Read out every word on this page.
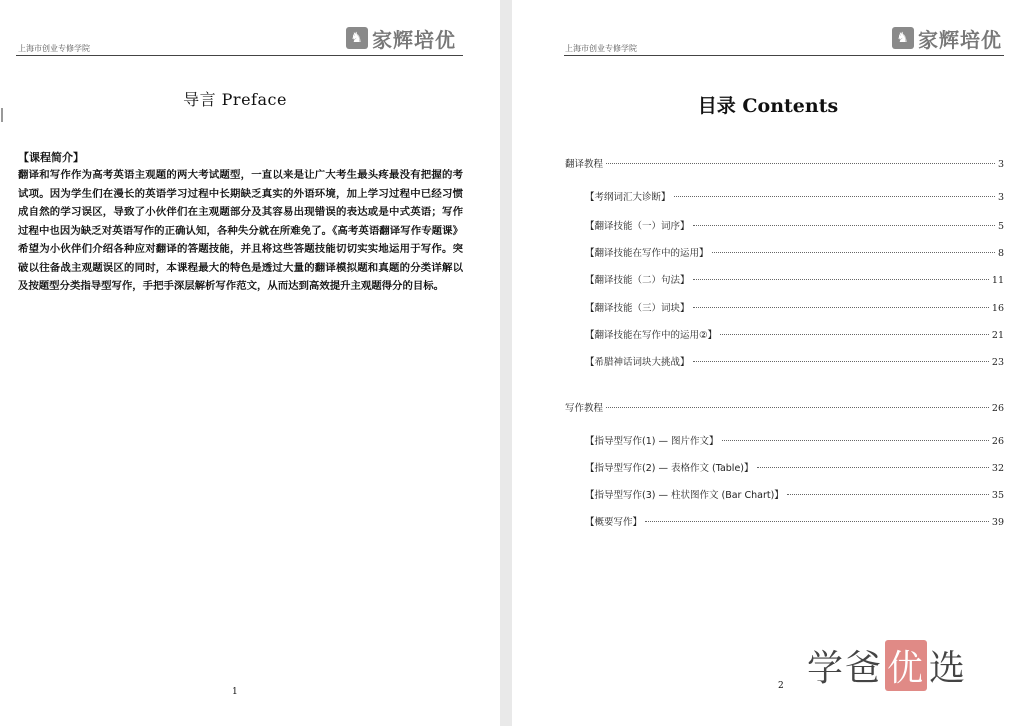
上海市创业专修学院
♞ 家辉培优
导言 Preface
【课程简介】
翻译和写作作为高考英语主观题的两大考试题型，一直以来是让广大考生最头疼最没有把握的考试项。因为学生们在漫长的英语学习过程中长期缺乏真实的外语环境，加上学习过程中已经习惯成自然的学习误区，导致了小伙伴们在主观题部分及其容易出现错误的表达或是中式英语；写作过程中也因为缺乏对英语写作的正确认知，各种失分就在所难免了。《高考英语翻译写作专题课》希望为小伙伴们介绍各种应对翻译的答题技能，并且将这些答题技能切切实实地运用于写作。突破以往备战主观题误区的同时，本课程最大的特色是透过大量的翻译模拟题和真题的分类详解以及按题型分类指导型写作，手把手深层解析写作范文，从而达到高效提升主观题得分的目标。
1
上海市创业专修学院
♞ 家辉培优
目录 Contents
翻译教程	3
【考纲词汇大诊断】	3
【翻译技能（一）词序】	5
【翻译技能在写作中的运用】	8
【翻译技能（二）句法】	11
【翻译技能（三）词块】	16
【翻译技能在写作中的运用②】	21
【希腊神话词块大挑战】	23
写作教程	26
【指导型写作(1) — 图片作文】	26
【指导型写作(2) — 表格作文 (Table)】	32
【指导型写作(3) — 柱状图作文 (Bar Chart)】	35
【概要写作】	39
2 学爸 优 选
